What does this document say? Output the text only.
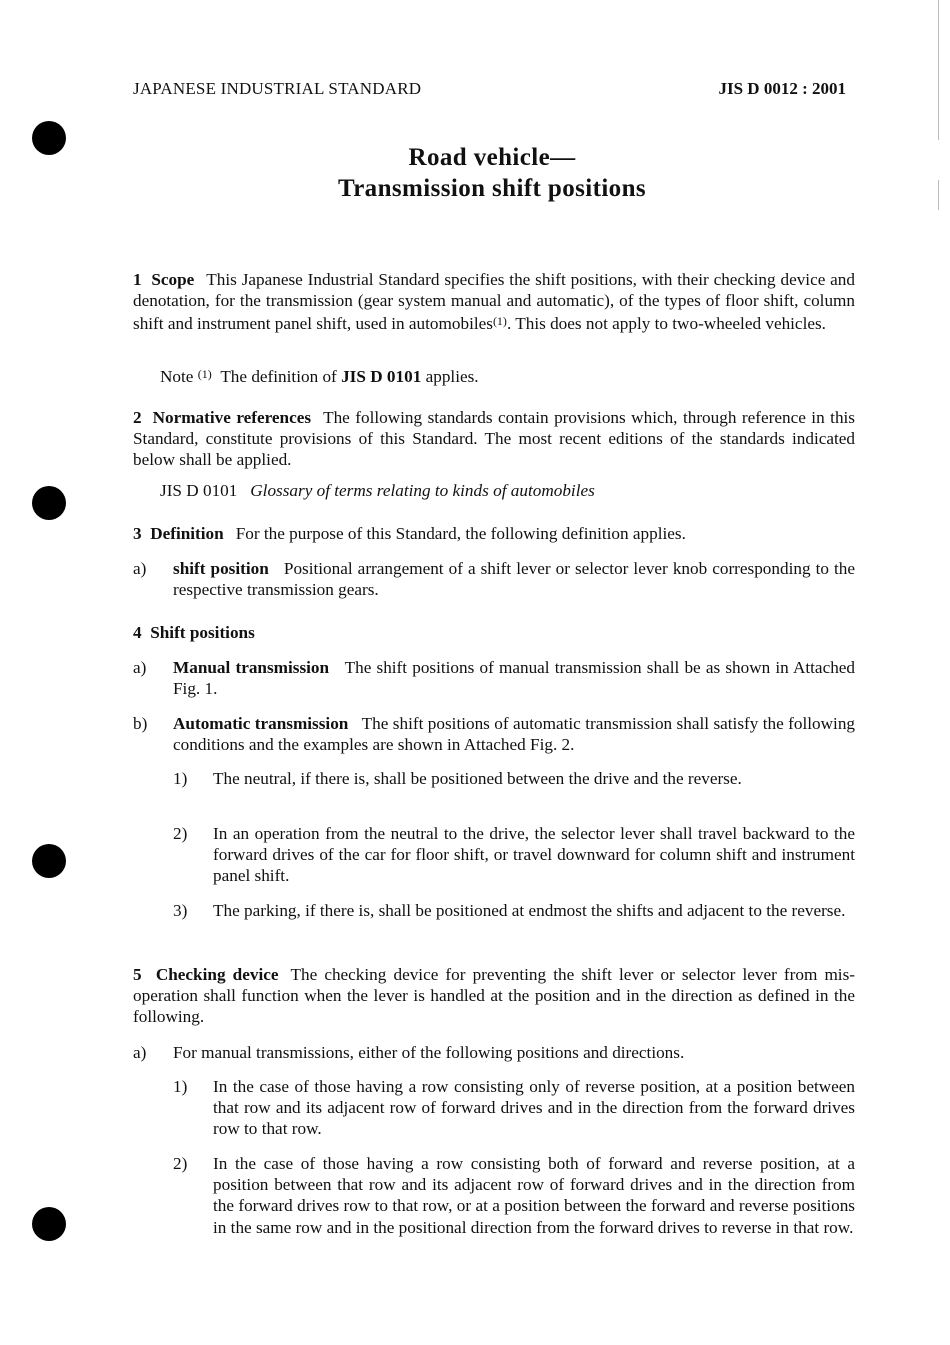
JAPANESE INDUSTRIAL STANDARD	JIS D 0012 : 2001
Road vehicle—
Transmission shift positions
1 Scope This Japanese Industrial Standard specifies the shift positions, with their checking device and denotation, for the transmission (gear system manual and automatic), of the types of floor shift, column shift and instrument panel shift, used in automobiles$^{(1)}$. This does not apply to two-wheeled vehicles.
Note $^{(1)}$ The definition of JIS D 0101 applies.
2 Normative references The following standards contain provisions which, through reference in this Standard, constitute provisions of this Standard. The most recent editions of the standards indicated below shall be applied.
JIS D 0101 Glossary of terms relating to kinds of automobiles
3 Definition For the purpose of this Standard, the following definition applies.
a) shift position Positional arrangement of a shift lever or selector lever knob corresponding to the respective transmission gears.
4 Shift positions
a) Manual transmission The shift positions of manual transmission shall be as shown in Attached Fig. 1.
b) Automatic transmission The shift positions of automatic transmission shall satisfy the following conditions and the examples are shown in Attached Fig. 2.
1) The neutral, if there is, shall be positioned between the drive and the reverse.
2) In an operation from the neutral to the drive, the selector lever shall travel backward to the forward drives of the car for floor shift, or travel downward for column shift and instrument panel shift.
3) The parking, if there is, shall be positioned at endmost the shifts and adjacent to the reverse.
5 Checking device The checking device for preventing the shift lever or selector lever from mis-operation shall function when the lever is handled at the position and in the direction as defined in the following.
a) For manual transmissions, either of the following positions and directions.
1) In the case of those having a row consisting only of reverse position, at a position between that row and its adjacent row of forward drives and in the direction from the forward drives row to that row.
2) In the case of those having a row consisting both of forward and reverse position, at a position between that row and its adjacent row of forward drives and in the direction from the forward drives row to that row, or at a position between the forward and reverse positions in the same row and in the positional direction from the forward drives to reverse in that row.
